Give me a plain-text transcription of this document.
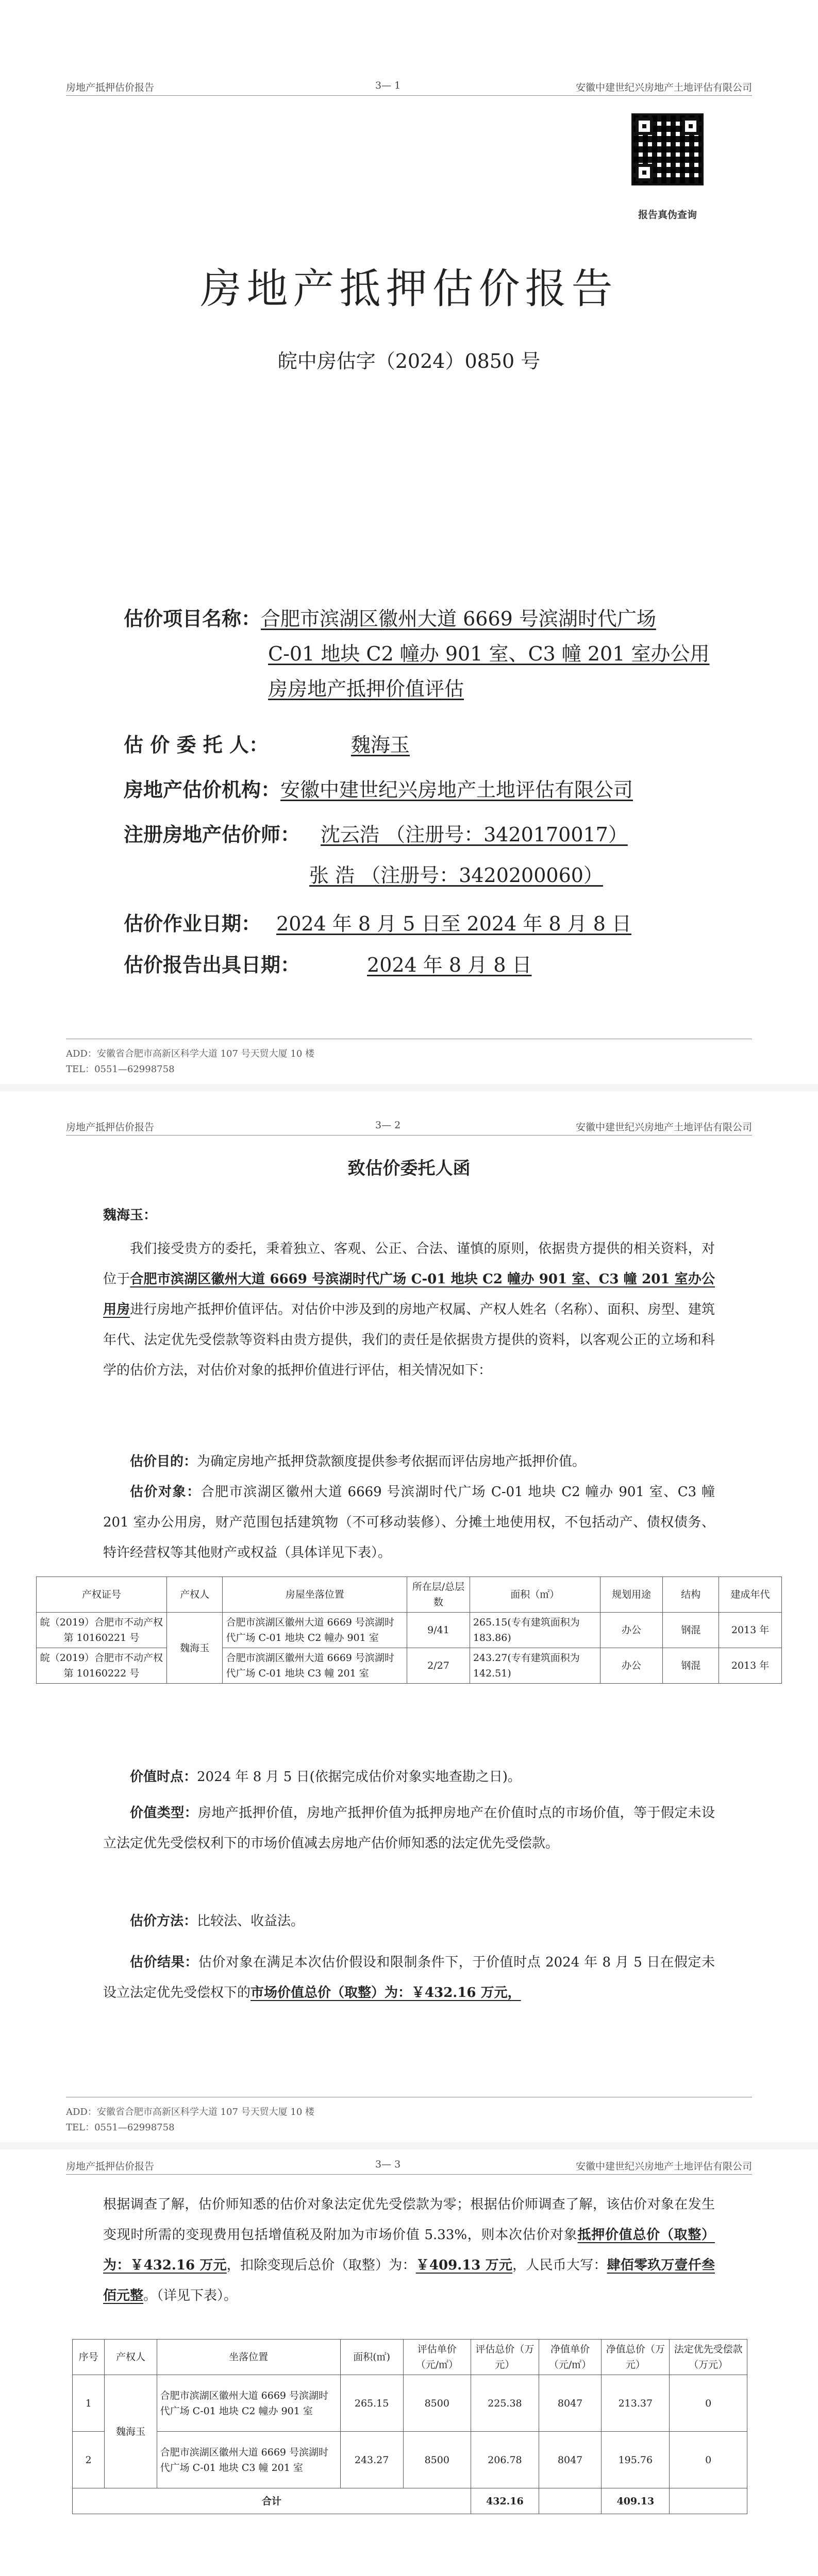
房地产抵押估价报告	3— 1	安徽中建世纪兴房地产土地评估有限公司
报告真伪查询
房地产抵押估价报告
皖中房估字（2024）0850 号
估价项目名称：合肥市滨湖区徽州大道 6669 号滨湖时代广场
C-01 地块 C2 幢办 901 室、C3 幢 201 室办公用
房房地产抵押价值评估
估 价 委 托 人：	魏海玉
房地产估价机构：安徽中建世纪兴房地产土地评估有限公司
注册房地产估价师： 沈云浩 （注册号：3420170017）
张 浩 （注册号：3420200060）
估价作业日期： 2024 年 8 月 5 日至 2024 年 8 月 8 日
估价报告出具日期：	2024 年 8 月 8 日
ADD：安徽省合肥市高新区科学大道 107 号天贸大厦 10 楼
TEL：0551—62998758
房地产抵押估价报告	3— 2	安徽中建世纪兴房地产土地评估有限公司
致估价委托人函
魏海玉：
我们接受贵方的委托，秉着独立、客观、公正、合法、谨慎的原则，依据贵方提供的相关资料，对位于合肥市滨湖区徽州大道 6669 号滨湖时代广场 C-01 地块 C2 幢办 901 室、C3 幢 201 室办公用房进行房地产抵押价值评估。对估价中涉及到的房地产权属、产权人姓名（名称）、面积、房型、建筑年代、法定优先受偿款等资料由贵方提供，我们的责任是依据贵方提供的资料，以客观公正的立场和科学的估价方法，对估价对象的抵押价值进行评估，相关情况如下：
估价目的：为确定房地产抵押贷款额度提供参考依据而评估房地产抵押价值。
估价对象：合肥市滨湖区徽州大道 6669 号滨湖时代广场 C-01 地块 C2 幢办 901 室、C3 幢 201 室办公用房，财产范围包括建筑物（不可移动装修）、分摊土地使用权，不包括动产、债权债务、特许经营权等其他财产或权益（具体详见下表）。
产权证号	产权人	房屋坐落位置	所在层/总层数	面积（㎡）	规划用途	结构	建成年代
皖（2019）合肥市不动产权第 10160221 号	魏海玉	合肥市滨湖区徽州大道 6669 号滨湖时代广场 C-01 地块 C2 幢办 901 室	9/41	265.15(专有建筑面积为 183.86)	办公	钢混	2013 年
皖（2019）合肥市不动产权第 10160222 号		合肥市滨湖区徽州大道 6669 号滨湖时代广场 C-01 地块 C3 幢 201 室	2/27	243.27(专有建筑面积为 142.51)	办公	钢混	2013 年
价值时点：2024 年 8 月 5 日(依据完成估价对象实地查勘之日)。
价值类型：房地产抵押价值，房地产抵押价值为抵押房地产在价值时点的市场价值，等于假定未设立法定优先受偿权利下的市场价值减去房地产估价师知悉的法定优先受偿款。
估价方法：比较法、收益法。
估价结果：估价对象在满足本次估价假设和限制条件下，于价值时点 2024 年 8 月 5 日在假定未设立法定优先受偿权下的市场价值总价（取整）为：￥432.16 万元，
ADD：安徽省合肥市高新区科学大道 107 号天贸大厦 10 楼
TEL：0551—62998758
房地产抵押估价报告	3— 3	安徽中建世纪兴房地产土地评估有限公司
根据调查了解，估价师知悉的估价对象法定优先受偿款为零；根据估价师调查了解，该估价对象在发生变现时所需的变现费用包括增值税及附加为市场价值 5.33%，则本次估价对象抵押价值总价（取整）为：￥432.16 万元，扣除变现后总价（取整）为：￥409.13 万元，人民币大写：肆佰零玖万壹仟叁佰元整。（详见下表）。
序号	产权人	坐落位置	面积(㎡)	评估单价（元/㎡）	评估总价（万元）	净值单价（元/㎡）	净值总价（万元）	法定优先受偿款（万元）
1	魏海玉	合肥市滨湖区徽州大道 6669 号滨湖时代广场 C-01 地块 C2 幢办 901 室	265.15	8500	225.38	8047	213.37	0
2		合肥市滨湖区徽州大道 6669 号滨湖时代广场 C-01 地块 C3 幢 201 室	243.27	8500	206.78	8047	195.76	0
合计					432.16		409.13	
